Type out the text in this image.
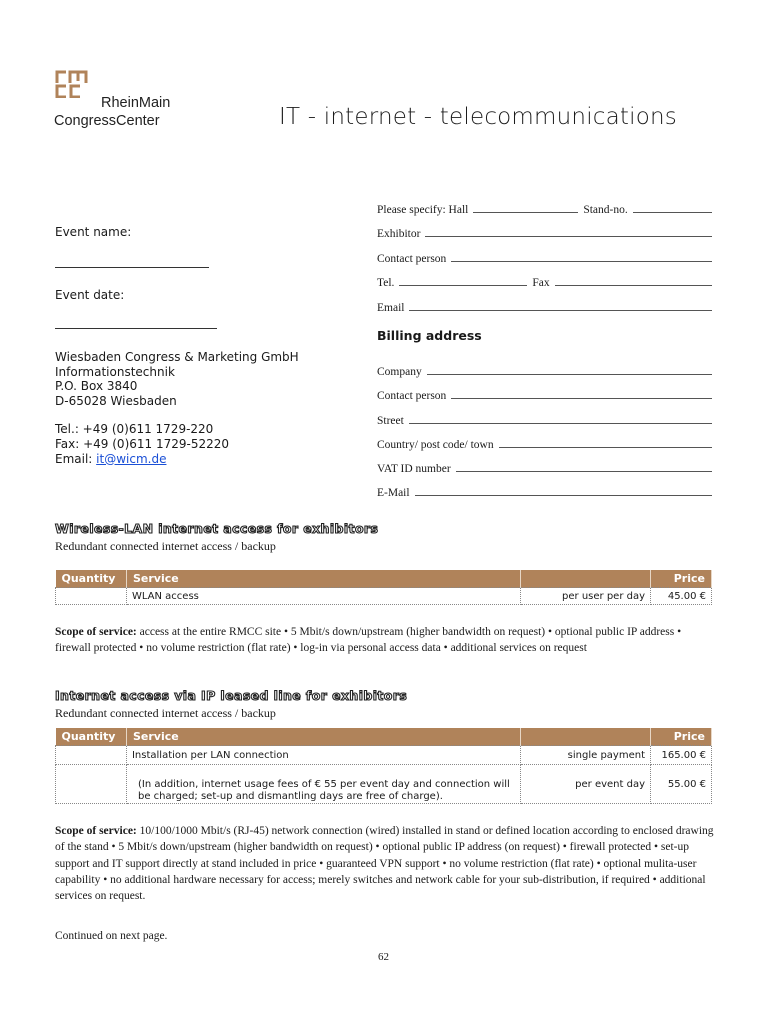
RheinMain
CongressCenter	IT - internet - telecommunications
Event name:
Event date:
Wiesbaden Congress & Marketing GmbH
Informationstechnik
P.O. Box 3840
D-65028 Wiesbaden
Tel.: +49 (0)611 1729-220
Fax: +49 (0)611 1729-52220
Email: it@wicm.de
Please specify: Hall	Stand-no.
Exhibitor
Contact person
Tel.	Fax
Email
Billing address
Company
Contact person
Street
Country/ post code/ town
VAT ID number
E-Mail
Wireless-LAN internet access for exhibitors
Redundant connected internet access / backup
Quantity	Service		Price
	WLAN access	per user per day	45.00 €
Scope of service: access at the entire RMCC site • 5 Mbit/s down/upstream (higher bandwidth on request) • optional public IP address • firewall protected • no volume restriction (flat rate) • log-in via personal access data • additional services on request
Internet access via IP leased line for exhibitors
Redundant connected internet access / backup
Quantity	Service		Price
	Installation per LAN connection	single payment	165.00 €
	(In addition, internet usage fees of € 55 per event day and connection will be charged; set-up and dismantling days are free of charge).	per event day	55.00 €
Scope of service: 10/100/1000 Mbit/s (RJ-45) network connection (wired) installed in stand or defined location according to enclosed drawing of the stand • 5 Mbit/s down/upstream (higher bandwidth on request) • optional public IP address (on request) • firewall protected • set-up support and IT support directly at stand included in price • guaranteed VPN support • no volume restriction (flat rate) • optional mulita-user capability • no additional hardware necessary for access; merely switches and network cable for your sub-distribution, if required • additional services on request.
Continued on next page.
62
